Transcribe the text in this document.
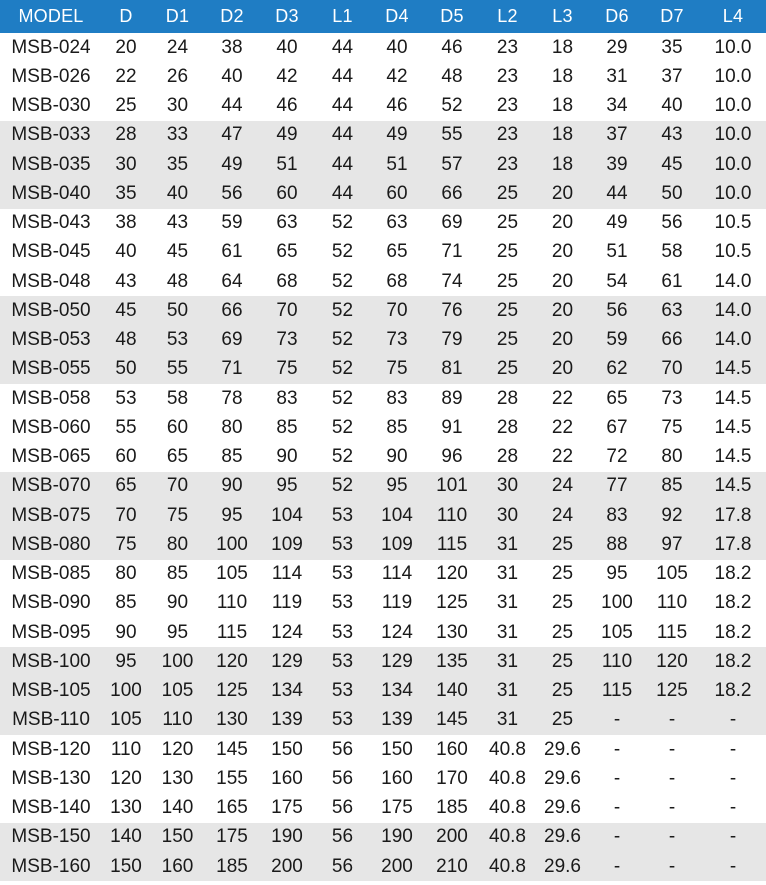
MODEL	D	D1	D2	D3	L1	D4	D5	L2	L3	D6	D7	L4
MSB-024	20	24	38	40	44	40	46	23	18	29	35	10.0
MSB-026	22	26	40	42	44	42	48	23	18	31	37	10.0
MSB-030	25	30	44	46	44	46	52	23	18	34	40	10.0
MSB-033	28	33	47	49	44	49	55	23	18	37	43	10.0
MSB-035	30	35	49	51	44	51	57	23	18	39	45	10.0
MSB-040	35	40	56	60	44	60	66	25	20	44	50	10.0
MSB-043	38	43	59	63	52	63	69	25	20	49	56	10.5
MSB-045	40	45	61	65	52	65	71	25	20	51	58	10.5
MSB-048	43	48	64	68	52	68	74	25	20	54	61	14.0
MSB-050	45	50	66	70	52	70	76	25	20	56	63	14.0
MSB-053	48	53	69	73	52	73	79	25	20	59	66	14.0
MSB-055	50	55	71	75	52	75	81	25	20	62	70	14.5
MSB-058	53	58	78	83	52	83	89	28	22	65	73	14.5
MSB-060	55	60	80	85	52	85	91	28	22	67	75	14.5
MSB-065	60	65	85	90	52	90	96	28	22	72	80	14.5
MSB-070	65	70	90	95	52	95	101	30	24	77	85	14.5
MSB-075	70	75	95	104	53	104	110	30	24	83	92	17.8
MSB-080	75	80	100	109	53	109	115	31	25	88	97	17.8
MSB-085	80	85	105	114	53	114	120	31	25	95	105	18.2
MSB-090	85	90	110	119	53	119	125	31	25	100	110	18.2
MSB-095	90	95	115	124	53	124	130	31	25	105	115	18.2
MSB-100	95	100	120	129	53	129	135	31	25	110	120	18.2
MSB-105	100	105	125	134	53	134	140	31	25	115	125	18.2
MSB-110	105	110	130	139	53	139	145	31	25	-	-	-
MSB-120	110	120	145	150	56	150	160	40.8	29.6	-	-	-
MSB-130	120	130	155	160	56	160	170	40.8	29.6	-	-	-
MSB-140	130	140	165	175	56	175	185	40.8	29.6	-	-	-
MSB-150	140	150	175	190	56	190	200	40.8	29.6	-	-	-
MSB-160	150	160	185	200	56	200	210	40.8	29.6	-	-	-
